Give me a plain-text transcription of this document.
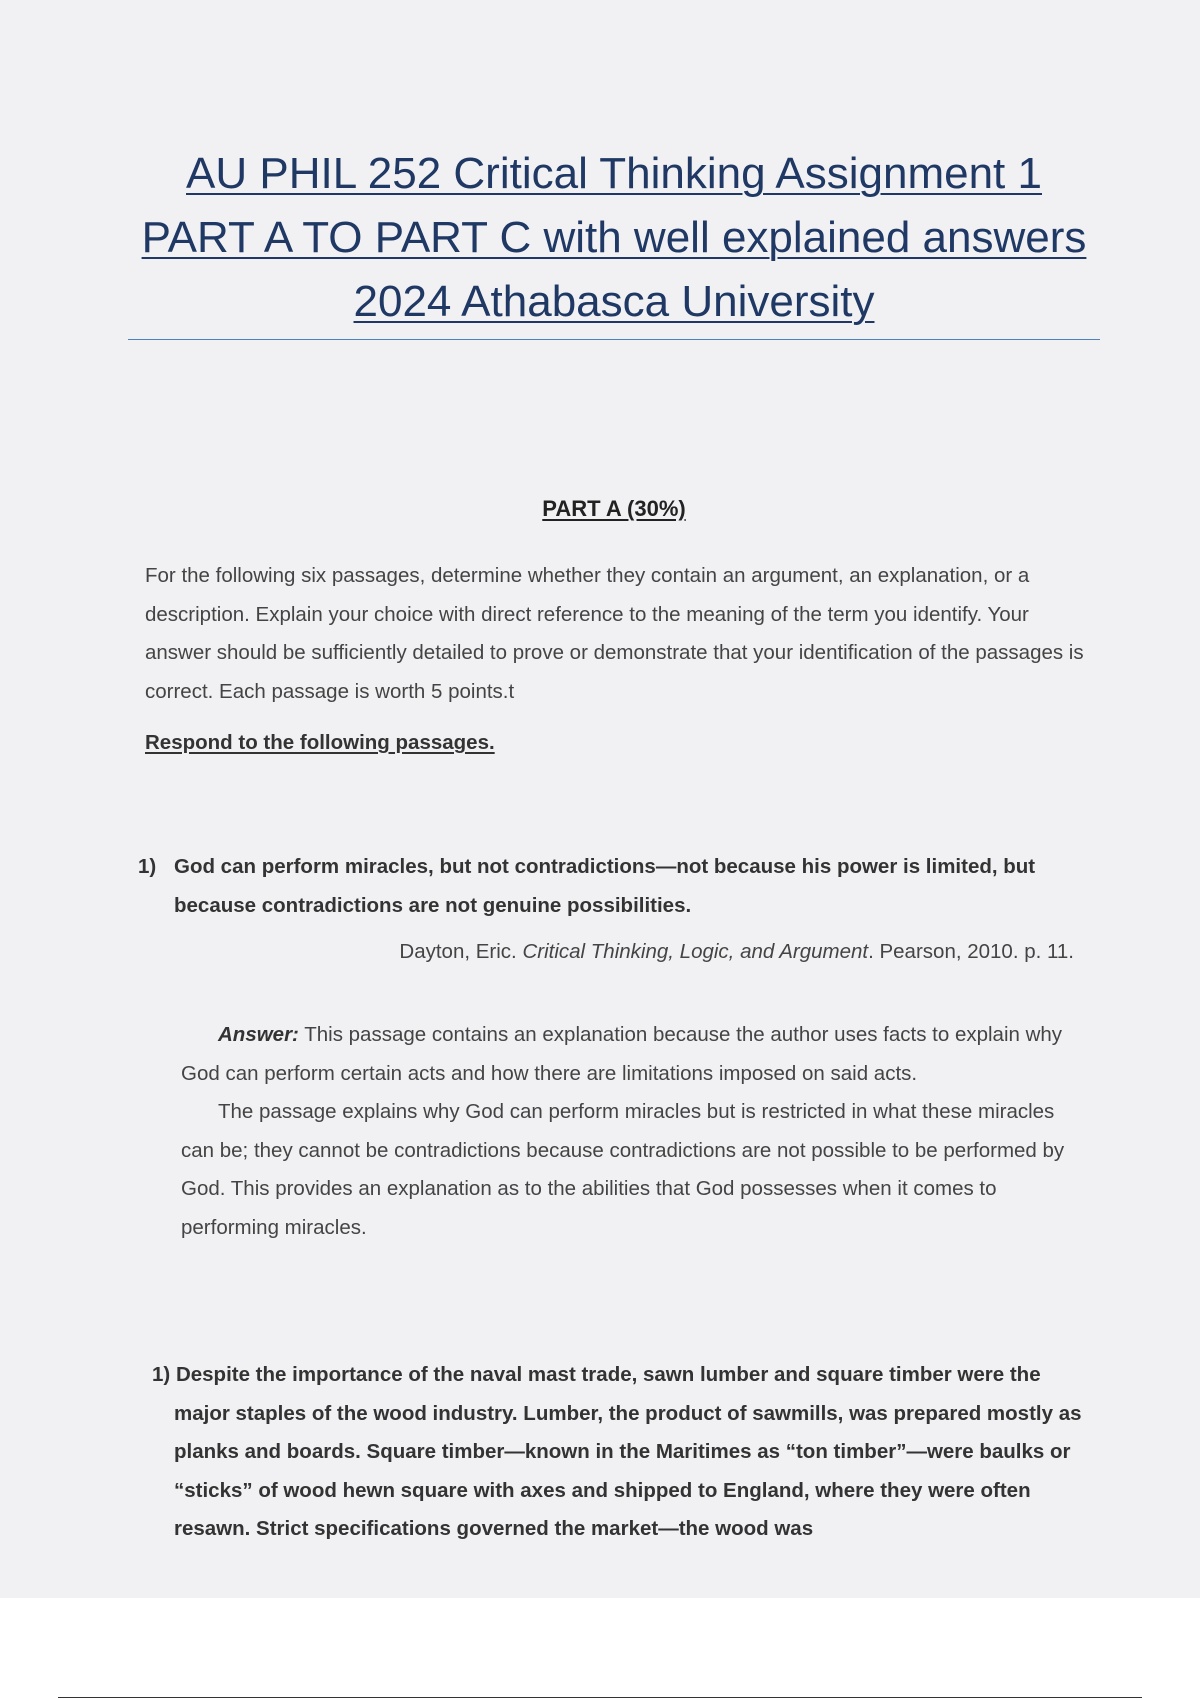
AU PHIL 252 Critical Thinking Assignment 1 PART A TO PART C with well explained answers 2024 Athabasca University
PART A (30%)
For the following six passages, determine whether they contain an argument, an explanation, or a description. Explain your choice with direct reference to the meaning of the term you identify. Your answer should be sufficiently detailed to prove or demonstrate that your identification of the passages is correct. Each passage is worth 5 points.t
Respond to the following passages.
1) God can perform miracles, but not contradictions—not because his power is limited, but because contradictions are not genuine possibilities.
Dayton, Eric. Critical Thinking, Logic, and Argument. Pearson, 2010. p. 11.

Answer: This passage contains an explanation because the author uses facts to explain why God can perform certain acts and how there are limitations imposed on said acts.

The passage explains why God can perform miracles but is restricted in what these miracles can be; they cannot be contradictions because contradictions are not possible to be performed by God. This provides an explanation as to the abilities that God possesses when it comes to performing miracles.

1) Despite the importance of the naval mast trade, sawn lumber and square timber were the major staples of the wood industry. Lumber, the product of sawmills, was prepared mostly as planks and boards. Square timber—known in the Maritimes as “ton timber”—were baulks or “sticks” of wood hewn square with axes and shipped to England, where they were often resawn. Strict specifications governed the market—the wood was
